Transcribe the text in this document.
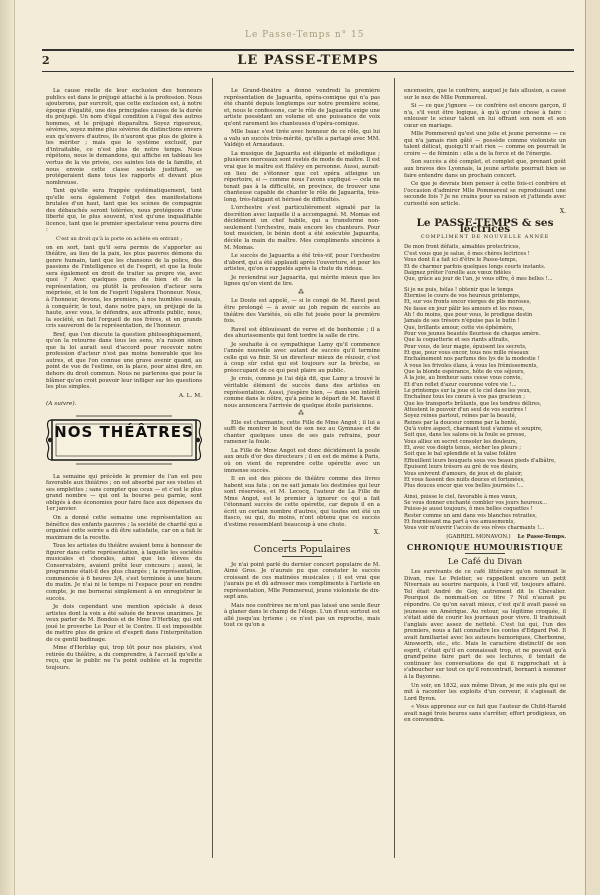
Le Passe-Temps n° 15
2	LE PASSE-TEMPS

La cause réelle de leur exclusion des honneurs publics est dans le préjugé attaché à la profession. Nous ajouterons, par surcroît, que cette exclusion est, à notre époque d'égalité, une des principales causes de la durée du préjugé. Un nom d'égal condition à l'égal des autres hommes, et le préjugé disparaîtra. Soyez rigoureux, sévères, soyez même plus sévères de distinctions envers eux qu'envers d'autres, ils n'auront que plus de gloire à les mériter ; mais que le système exclusif, par d'intraitable, ce n'est plus de notre temps. Nous répétons, nous le demandons, qui affiche en tableau les vertus de la vie privée, ces saintes lois de la famille, et nous envoie cette classe sociale justifiant, se protégeraient dans tous les rapports et devant plus nombreuse.

Tant qu'elle sera frappée systématiquement, tant qu'elle sera également l'objet des manifestations brutales d'un haut, tant que les scènes de compagnie des débauchés seront tolérées, nous protégeons d'une liberté qui, le plus souvent, n'est qu'une inqualifiable licence, tant que le premier spectateur venu pourra dire :

C'est un droit qu'à la porte on achète en entrant ;

on en sort, tant qu'il sera permis de s'apporter au théâtre, au lieu de la paix, les plus pauvres démons du genre humain, tant que les chansons de la police, des passions de l'intelligence et de l'esprit, et que la foule sera également en droit de traiter sa propre vie, avec quoi ? Avec quelques gens de bien et de la représentation, ou plutôt la profession d'acteur sera méprisée, et le ton de l'esprit l'égalera l'honneur. Nous, à l'honneur, devons, les premiers, à nos humbles essais, à conquérir, le tout, dans notre pays, un préjugé de la haute, avec vous, le défendra, aux affronts public, nous, la société, en fait l'orgueil de nos frères, et en grands cris sauveront de la représentation, de l'honneur.

Bref, que l'on discute la question philosophiquement, qu'on la retourne dans tous les sens, n'a raison sinon que la loi aurait seul d'accord pour recevoir notre profession d'acteur n'est pas moins honorable que les autres, et que l'on connue une grave avenir quand, au point de vue de l'estime, on la place, pour ainsi dire, en dehors du droit commun. Nous ne parlerons que pour la blâmer qu'on croit pouvoir leur infliger sur les questions les plus simples.

A. L. M.
(A suivre).
NOS THÉÂTRES

La semaine qui précède le premier de l'an est peu favorable aux théâtres ; on est absorbé par ses visites et ses emplettes ; sans compter que ceux — et c'est le plus grand nombre — qui ont la bourse peu garnie, sont obligés à des économies pour faire face aux dépenses du 1er janvier.

On a donné cette semaine une représentation au bénéfice des enfants pauvres ; la société de charité qui a organisé cette soirée a dû être satisfaite, car on a fait le maximum de la recette.

Tous les artistes du théâtre avaient tenu à honneur de figurer dans cette représentation, à laquelle les sociétés musicales et chorales, ainsi que les élèves du Conservatoire, avaient prêté leur concours ; aussi, le programme était-il des plus chargés ; la représentation, commencée à 6 heures 3/4, s'est terminée à une heure du matin. Je n'ai ni le temps ni l'espace pour en rendre compte, je me bornerai simplement à en enregistrer le succès.

Je dois cependant une mention spéciale à deux artistes dont la voix a été saluée de bravos unanimes. Je veux parler de M. Bondois et de Mme D'Herblay, qui ont joué le proverbe Le Pour et le Contre. Il est impossible de mettre plus de grâce et d'esprit dans l'interprétation de ce gentil badinage.

Mme d'Herblay qui, trop tôt pour nos plaisirs, s'est retirée du théâtre, a du comprendre, à l'accueil qu'elle a reçu, que le public ne l'a point oubliée et la regrette toujours.

Le Grand-théâtre a donné vendredi la première représentation de Jaguarita, opéra-comique qui n'a pas été chanté depuis longtemps sur notre première scène, et, nous le confessons, car le rôle de Jaguarita exige une artiste possédant un volume et une puissance de voix qu'ont rarement les chanteuses d'opéra-comique.

Mlle Isaac s'est tirée avec honneur de ce rôle, qui lui a valu un succès très-mérité, qu'elle a partagé avec MM. Valdéjo et Arnaudaux.

La musique de Jaguarita est élégante et mélodique ; plusieurs morceaux sont restés de mode de maître. Il est vrai que le maître est Halévy en personne. Aussi, aurait-on lieu de s'étonner que cet opéra atteigne un répertoire, si — comme nous l'avons expliqué — cela ne tenait pas à la difficulté, en province, de trouver une chanteuse capable de chanter le rôle de Jaguarita, très-long, très-fatigant et hérissé de difficultés.

L'orchestre s'est particulièrement signalé par la discrétion avec laquelle il a accompagné. M. Momas est décidément un chef habile, qui a transformé non-seulement l'orchestre, mais encore les chanteurs. Pour tout musicien, le bénin dont a été exécutée Jaguarita, décèle la main du maître. Mes compliments sincères à M. Momas.

Le succès de Jaguarita a été très-vif, pour l'orchestre d'abord, qui a été applaudi après l'ouverture, et pour les artistes, qu'on a rappelés après la chute du rideau.

Je reviendrai sur Jaguarita, qui mérite mieux que les lignes qu'on vient de lire.

⁂

Le Doute est appelé, — si le congé de M. Ravel peut être prolongé — à avoir au job regain de succès au théâtre des Variétés, où elle fut jouée pour la première fois.

Ravel est éblouissant de verve et de bonhomie ; il a des ahurissements qui font tordre la salle de rire.

Je souhaite à ce sympathique Lamy qu'il commence l'année nouvelle avec autant de succès qu'il termine celle qui va finir. Si un directeur mieux de réussir, c'est à coup sûr celui qui est toujours sur la brèche, se préoccupant de ce qui peut plaire au public.

Je crois, comme je l'ai déjà dit, que Lamy a trouvé le véritable élément de succès dans des artistes en représentation. Aussi, j'espère bien, — dans son intérêt comme dans le nôtre, qu'à peine le départ de M. Ravel il nous annoncera l'arrivée de quelque étoile parisienne.

⁂

Elle est charmante, cette Fille de Mme Angot ; il lui a suffi de montrer le bout de son nez au Gymnase et de chanter quelques unes de ses gais refrains, pour ramener la foule.

La Fille de Mme Angot est donc décidément la poule aux œufs d'or des directeurs ; il en est de même à Paris, où on vient de reprendre cette opérette avec un immense succès.

Il en est des pièces de théâtre comme des livres habent sua fata ; on ne sait jamais les destinées qui leur sont réservées, et M. Lecocq, l'auteur de La Fille de Mme Angot, est le premier à ignorer ce qui a fait l'étonnant succès de cette opérette, car depuis il en a écrit un certain nombre d'autres, qui toutes ont été un fiasco, ou qui, du moins, n'ont obtenu que ce succès d'estime ressemblant beaucoup à une chute.

X.
Concerts Populaires

Je n'ai point parlé du dernier concert populaire de M. Aimé Gros. Je n'aurais pu que constater le succès croissant de ces matinées musicales ; il est vrai que j'aurais pu et dû adresser mes compliments à l'artiste en représentation, Mlle Pommereul, jeune violoniste de dix-sept ans.

Mais nos confrères ne m'ont pas laissé une seule fleur à glaner dans le champ de l'éloge. L'un d'eux surtout est allé jusqu'au lyrisme ; ce n'est pas un reproche, mais tout ce qu'on a

encensoirs, que le confrère, auquel je fais allusion, a cassé sur le nez de Mlle Pommereul.

Si — ce que j'ignore — ce confrère est encore garçon, il n'a, s'il veut être logique, à qu'à qu'une chose à faire : enlouser le scieur talent en lui offrant son nom et son cœur en mariage.

Mlle Pommereul qu'est une jolie et jeune personne — ce qui n'a jamais rien gâté — possède comme violoniste un talent délicat, quoiqu'il n'ait rien — comme on pourrait le croire — de féminin : elle a de la force et de l'énergie.

Son succès a été complet, et complet que, prenant goût aux bravos des Lyonnais, la jeune artiste pourrait bien se faire entendre dans un prochain concert.

Ce que je devrais bien penser à cette fois-ci confrère et l'occasion d'admirer Mlle Pommereul se reproduisant une seconde fois ? Je ne crains pour sa raison et j'attends avec curiosité son article.

X.
Le PASSE-TEMPS & ses lectrices
COMPLIMENT DE NOUVELLE ANNÉE
De mon front défaits, aimables protectrices,
C'est vous que je salue, ô mes chères lectrices !
Vous dont il a fait ici d'être le Passe-temps,
Et de charmer parfois quelques longs courts instants.
Daignez prêter l'oreille aux vœux fidèles
Que, grâce au jour de l'an, je vous offre, ô mes belles !...
Si je ne puis, hélas ! obtenir que le temps
Éternise le cours de vos heureux printemps,
Et, sur vos fronts encor vierges de plis moroses,
Ne fasse en jour pâlir les amours et les roses,
Ah ! du moins, que pour vous, le prodigue destin
Jamais de ses trésors n'épuise pas le butin !
Que, brillants amour, cette vie éphémère,
Pour vos jeunes beautés fleurisse de chaque amère.
Que la coquetterie et ses riants attraits,
Pour vous, de leur magie, épuisent les secrets,
Et que, pour vous encor, tous nos mille réseaux
Enchaînement nos parfums des lys de la modestie !
À vous les frivoles élans, à vous les frémissements,
Que la blonde espérance, hôte de vos séjours,
À la joie, au bonheur sans cesse vous convie,
Et d'un reflet d'azur couronne votre vie !...
Le printemps sur la joue et le ciel dans les yeux,
Enchaînez tous les cœurs à vos pas gracieux ;
Que les transports brûlants, que les tendres délires,
Attestent le pouvoir d'un seul de vos sourires !
Soyez reines partout, reines par la beauté,
Reines par la douceur comme par la bonté,
Qu'à votre aspect, charmant tout s'anime et soupire,
Soit que, dans les salons où la foule se presse,
Vous alliez en secret consoler les douleurs,
Et, avec vos doigts tenus, sécher les pleurs ;
Soit que le bal splendide et la valse folâtre
Effeuillent leurs bouquets sous vos beaux pieds d'albâtre,
Épuisent leurs trésors au gré de vos désirs,
Vous enivrent d'amours, de jeux et de plaisir,
Et vous fassent des nuits douces et fortunées,
Plus douces encor que vos belles journées !...
Ainsi, puisse le ciel, favorable à mes vœux,
Se vous donner enchanté combler vos jours heureux...
Puisse-je aussi toujours, ô mes belles coquettes !
Rester comme un ami dans vos blanches retraites,
Et fournissant ma part à vos amusements,
Vous voir m'ouvrir l'accès de vos rêves charmants !...
(GABRIEL MONAVON.) Le Passe-Temps.
CHRONIQUE HUMOURISTIQUE
Le Café du Divan

Les survivants de ce café littéraire qu'on nommait le Divan, rue Le Peletier, se rappellent encore un petit Nivernais au sourire narquois, à l'œil vif, toujours affairé. Tel était André de Goy, autrement dit le Chevalier. Pourquoi ils nommait-on ce titre ? Nul n'aurait pu répondre. Ce qu'on savait mieux, c'est qu'il avait passé sa jeunesse en Amérique. Au retour, sa légitime croquée, il s'était aidé de courir les journaux pour vivre. Il traduisait l'anglais avec assez de netteté. C'est lui qui, l'un des premiers, nous a fait connaître les contes d'Edgard Poë. Il avait familiarisé avec les auteurs humoriques, Cherbonne, Ainsworth, etc., etc. Mais le caractère distinctif de son esprit, c'était qu'il en connaissait trop, et ne pouvait qu'à grand'peine faire part de ses lectures, il tentait de continuer les conversations de qui il rapprochait et à s'aboucher sur tout ce qu'il rencontrait, bornant à nommer à la Bayonne.

Un soir, en 1832, aux même Divan, je me suis plu qui se mit à raconter les exploits d'un cerveur, il s'agissait de Lord Byron.

« Vous apprenez sur ce fait que l'auteur de Child-Harold avait nagé trois heures sans s'arrêter, effort prodigieux, on en conviendra.
